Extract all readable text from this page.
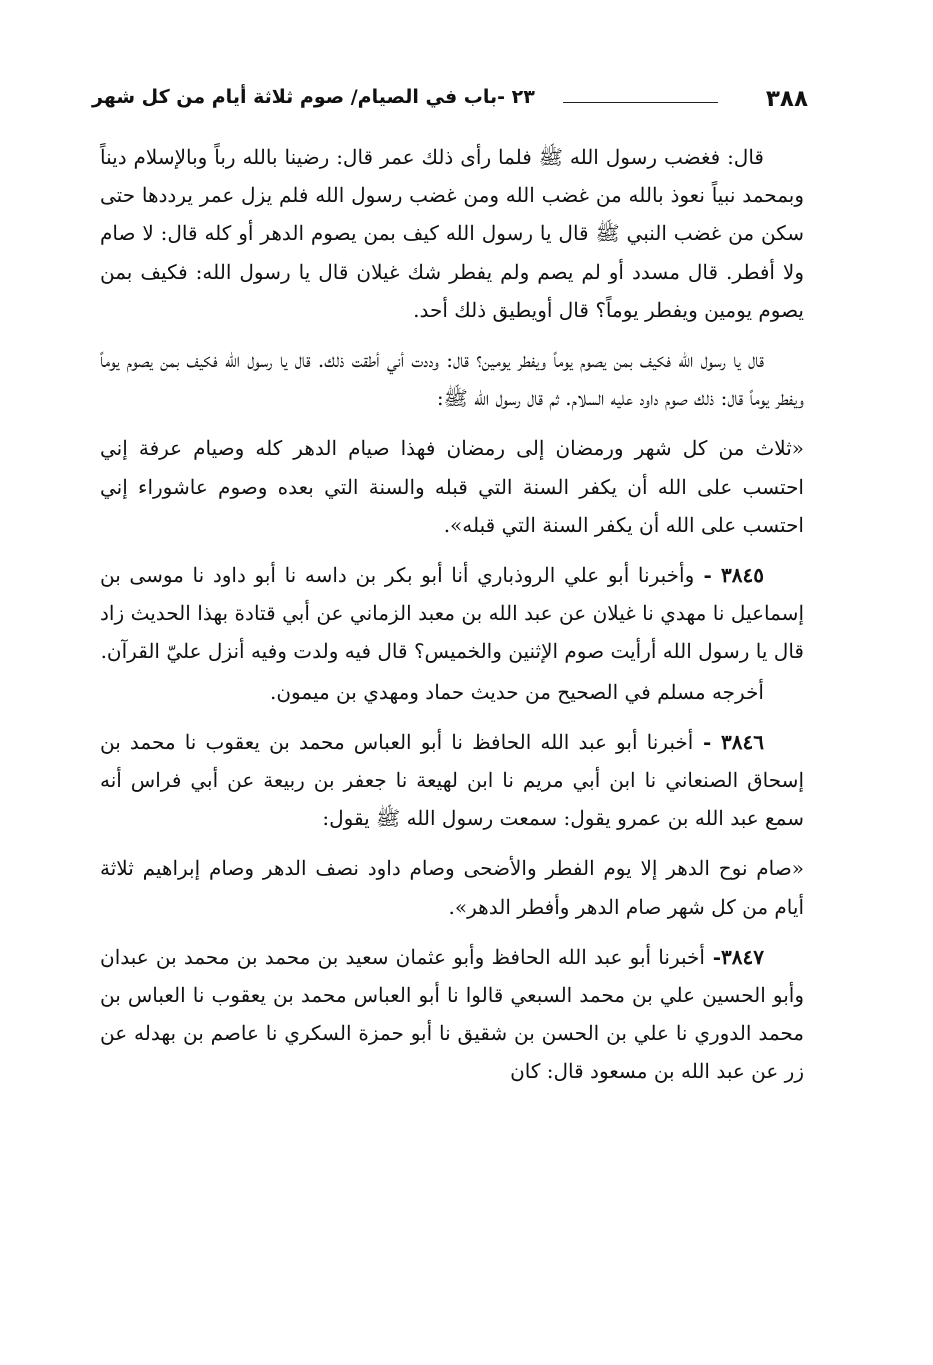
٣٨٨
٢٣ -باب في الصيام/ صوم ثلاثة أيام من كل شهر

قال: فغضب رسول الله ﷺ فلما رأى ذلك عمر قال: رضينا بالله رباً وبالإسلام ديناً وبمحمد نبياً نعوذ بالله من غضب الله ومن غضب رسول الله فلم يزل عمر يرددها حتى سكن من غضب النبي ﷺ قال يا رسول الله كيف بمن يصوم الدهر أو كله قال: لا صام ولا أفطر. قال مسدد أو لم يصم ولم يفطر شك غيلان قال يا رسول الله: فكيف بمن يصوم يومين ويفطر يوماً؟ قال أويطيق ذلك أحد.

قال يا رسول الله فكيف بمن يصوم يوماً ويفطر يومين؟ قال: وددت أني أطقت ذلك. قال يا رسول الله فكيف بمن يصوم يوماً ويفطر يوماً قال: ذلك صوم داود عليه السلام. ثم قال رسول الله ﷺ:

«ثلاث من كل شهر ورمضان إلى رمضان فهذا صيام الدهر كله وصيام عرفة إني احتسب على الله أن يكفر السنة التي قبله والسنة التي بعده وصوم عاشوراء إني احتسب على الله أن يكفر السنة التي قبله».

٣٨٤٥ - وأخبرنا أبو علي الروذباري أنا أبو بكر بن داسه نا أبو داود نا موسى بن إسماعيل نا مهدي نا غيلان عن عبد الله بن معبد الزماني عن أبي قتادة بهذا الحديث زاد قال يا رسول الله أرأيت صوم الإثنين والخميس؟ قال فيه ولدت وفيه أنزل عليّ القرآن.

أخرجه مسلم في الصحيح من حديث حماد ومهدي بن ميمون.

٣٨٤٦ - أخبرنا أبو عبد الله الحافظ نا أبو العباس محمد بن يعقوب نا محمد بن إسحاق الصنعاني نا ابن أبي مريم نا ابن لهيعة نا جعفر بن ربيعة عن أبي فراس أنه سمع عبد الله بن عمرو يقول: سمعت رسول الله ﷺ يقول:

«صام نوح الدهر إلا يوم الفطر والأضحى وصام داود نصف الدهر وصام إبراهيم ثلاثة أيام من كل شهر صام الدهر وأفطر الدهر».

٣٨٤٧- أخبرنا أبو عبد الله الحافظ وأبو عثمان سعيد بن محمد بن محمد بن عبدان وأبو الحسين علي بن محمد السبعي قالوا نا أبو العباس محمد بن يعقوب نا العباس بن محمد الدوري نا علي بن الحسن بن شقيق نا أبو حمزة السكري نا عاصم بن بهدله عن زر عن عبد الله بن مسعود قال: كان
